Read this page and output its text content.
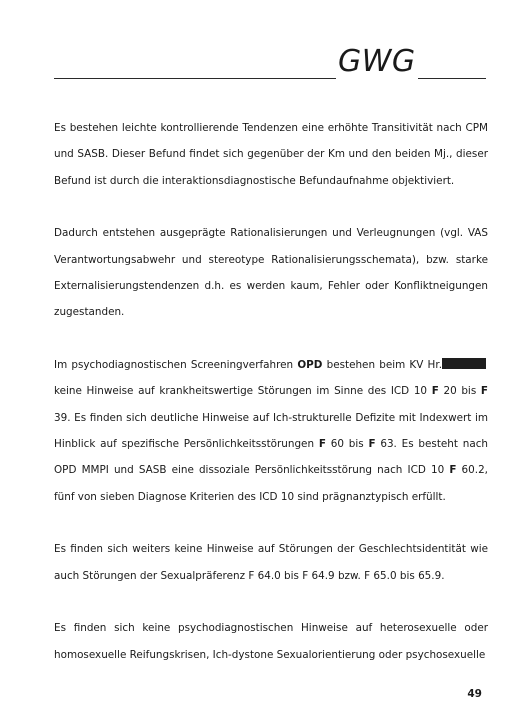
GWG

Es bestehen leichte kontrollierende Tendenzen eine erhöhte Transitivität nach CPM und SASB. Dieser Befund findet sich gegenüber der Km und den beiden Mj., dieser Befund ist durch die interaktionsdiagnostische Befundaufnahme objektiviert.

Dadurch entstehen ausgeprägte Rationalisierungen und Verleugnungen (vgl. VAS Verantwortungsabwehr und stereotype Rationalisierungsschemata), bzw. starke Externalisierungstendenzen d.h. es werden kaum, Fehler oder Konfliktneigungen zugestanden.

Im psychodiagnostischen Screeningverfahren OPD bestehen beim KV Hr. keine Hinweise auf krankheitswertige Störungen im Sinne des ICD 10 F 20 bis F 39. Es finden sich deutliche Hinweise auf Ich-strukturelle Defizite mit Indexwert im Hinblick auf spezifische Persönlichkeitsstörungen F 60 bis F 63. Es besteht nach OPD MMPI und SASB eine dissoziale Persönlichkeitsstörung nach ICD 10 F 60.2, fünf von sieben Diagnose Kriterien des ICD 10 sind prägnanztypisch erfüllt.

Es finden sich weiters keine Hinweise auf Störungen der Geschlechtsidentität wie auch Störungen der Sexualpräferenz F 64.0 bis F 64.9 bzw. F 65.0 bis 65.9.

Es finden sich keine psychodiagnostischen Hinweise auf heterosexuelle oder homosexuelle Reifungskrisen, Ich-dystone Sexualorientierung oder psychosexuelle

49
